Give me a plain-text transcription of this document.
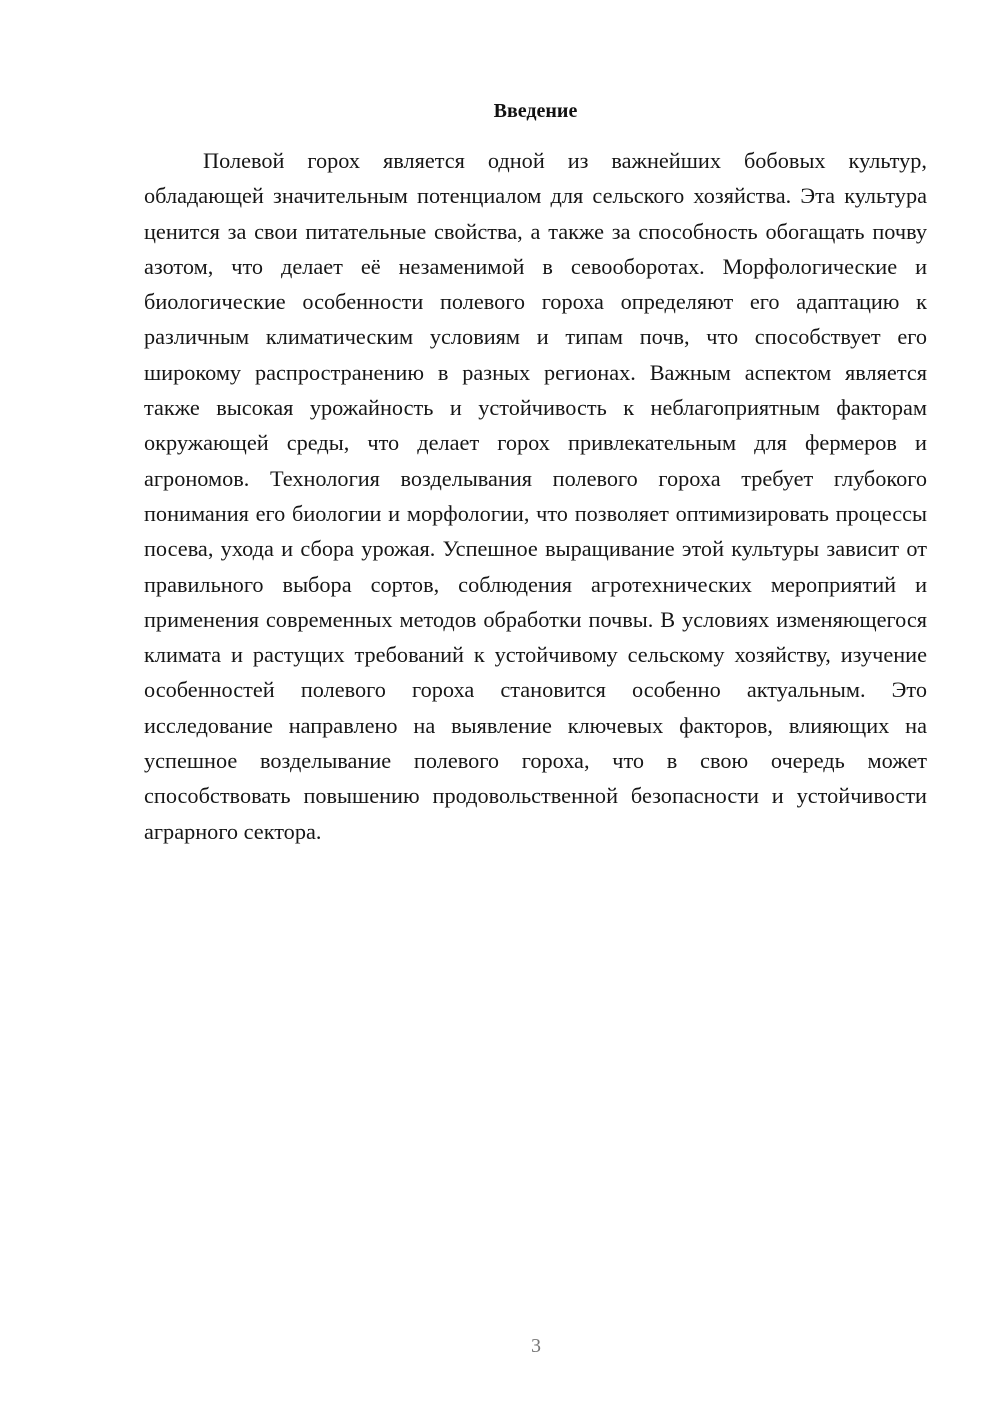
Введение

Полевой горох является одной из важнейших бобовых культур, обладающей значительным потенциалом для сельского хозяйства. Эта культура ценится за свои питательные свойства, а также за способность обогащать почву азотом, что делает её незаменимой в севооборотах. Морфологические и биологические особенности полевого гороха определяют его адаптацию к различным климатическим условиям и типам почв, что способствует его широкому распространению в разных регионах. Важным аспектом является также высокая урожайность и устойчивость к неблагоприятным факторам окружающей среды, что делает горох привлекательным для фермеров и агрономов. Технология возделывания полевого гороха требует глубокого понимания его биологии и морфологии, что позволяет оптимизировать процессы посева, ухода и сбора урожая. Успешное выращивание этой культуры зависит от правильного выбора сортов, соблюдения агротехнических мероприятий и применения современных методов обработки почвы. В условиях изменяющегося климата и растущих требований к устойчивому сельскому хозяйству, изучение особенностей полевого гороха становится особенно актуальным. Это исследование направлено на выявление ключевых факторов, влияющих на успешное возделывание полевого гороха, что в свою очередь может способствовать повышению продовольственной безопасности и устойчивости аграрного сектора.

3
